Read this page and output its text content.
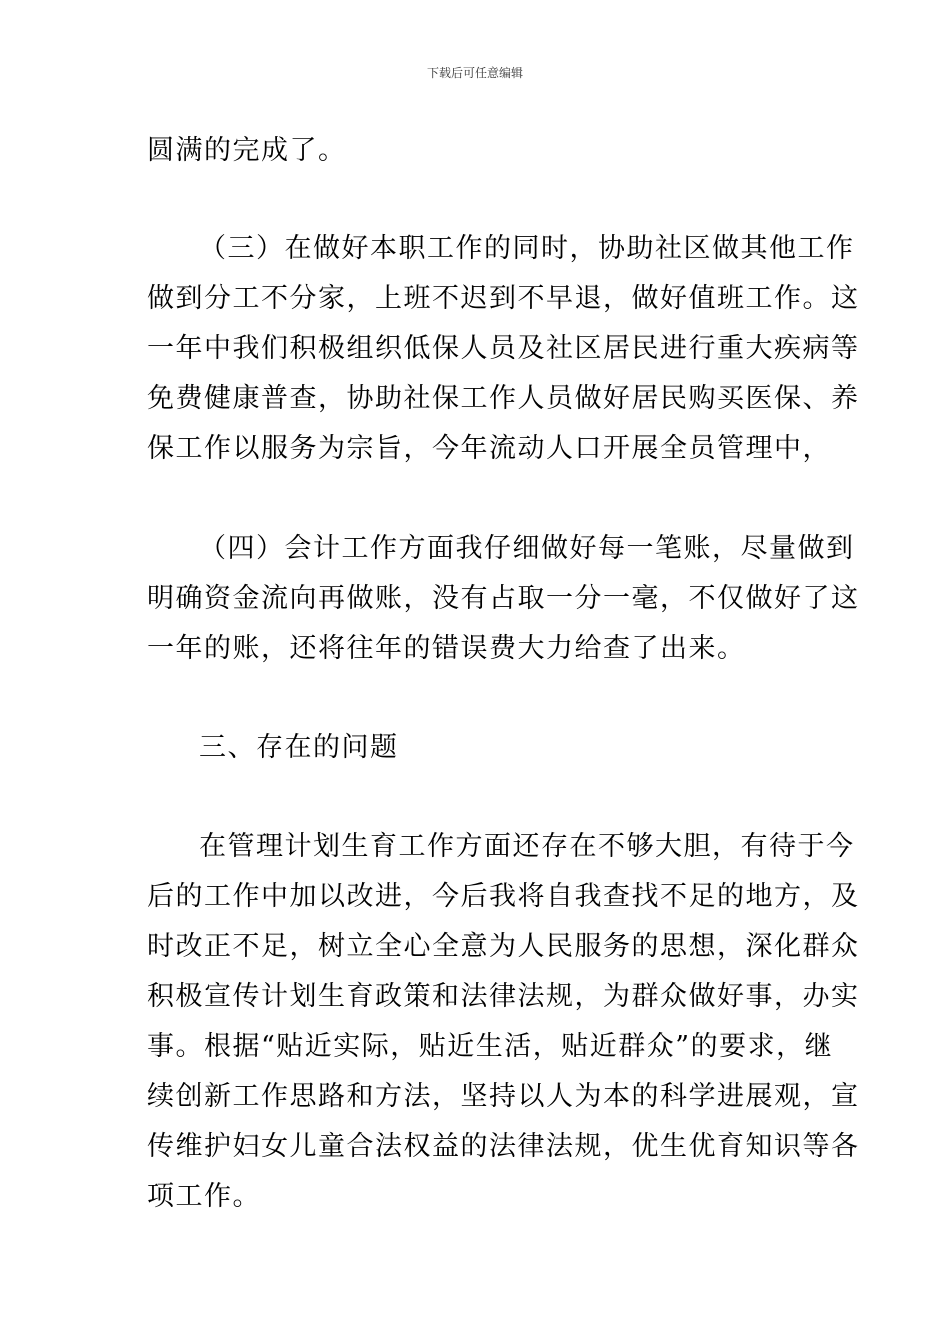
下载后可任意编辑
圆满的完成了。
（三）在做好本职工作的同时，协助社区做其他工作
做到分工不分家，上班不迟到不早退，做好值班工作。这
一年中我们积极组织低保人员及社区居民进行重大疾病等
免费健康普查，协助社保工作人员做好居民购买医保、养
保工作以服务为宗旨，今年流动人口开展全员管理中，
（四）会计工作方面我仔细做好每一笔账，尽量做到
明确资金流向再做账，没有占取一分一毫，不仅做好了这
一年的账，还将往年的错误费大力给查了出来。
三、存在的问题
在管理计划生育工作方面还存在不够大胆，有待于今
后的工作中加以改进，今后我将自我查找不足的地方，及
时改正不足，树立全心全意为人民服务的思想，深化群众
积极宣传计划生育政策和法律法规，为群众做好事，办实
事。根据“贴近实际，贴近生活，贴近群众”的要求，继
续创新工作思路和方法，坚持以人为本的科学进展观，宣
传维护妇女儿童合法权益的法律法规，优生优育知识等各
项工作。
